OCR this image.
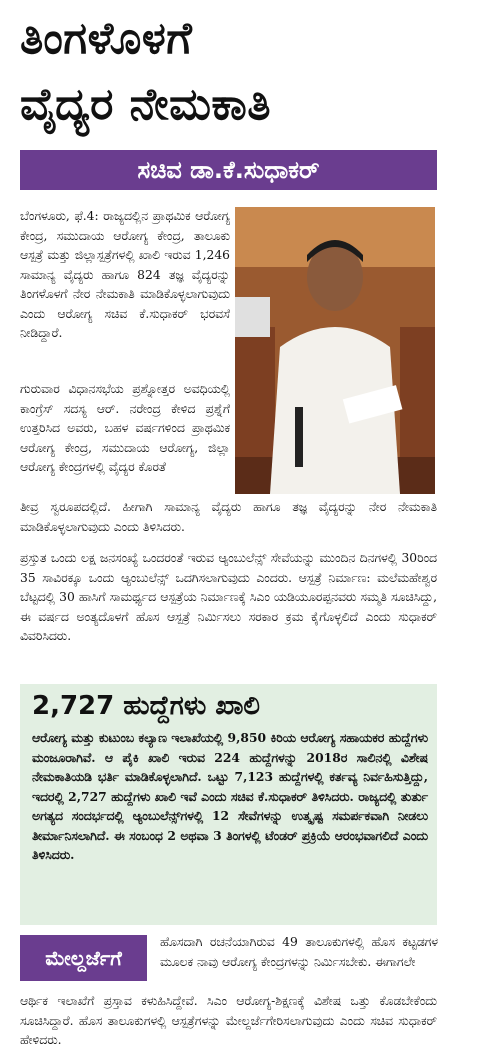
ತಿಂಗಳೊಳಗೆ
ವೈದ್ಯರ ನೇಮಕಾತಿ
ಸಚಿವ ಡಾ.ಕೆ.ಸುಧಾಕರ್
ಬೆಂಗಳೂರು, ಫೆ.4: ರಾಜ್ಯದಲ್ಲಿನ ಪ್ರಾಥಮಿಕ ಆರೋಗ್ಯ ಕೇಂದ್ರ, ಸಮುದಾಯ ಆರೋಗ್ಯ ಕೇಂದ್ರ, ತಾಲೂಕು ಆಸ್ಪತ್ರೆ ಮತ್ತು ಜಿಲ್ಲಾಸ್ಪತ್ರೆಗಳಲ್ಲಿ ಖಾಲಿ ಇರುವ 1,246 ಸಾಮಾನ್ಯ ವೈದ್ಯರು ಹಾಗೂ 824 ತಜ್ಞ ವೈದ್ಯರನ್ನು ತಿಂಗಳೊಳಗೆ ನೇರ ನೇಮಕಾತಿ ಮಾಡಿಕೊಳ್ಳಲಾಗುವುದು ಎಂದು ಆರೋಗ್ಯ ಸಚಿವ ಕೆ.ಸುಧಾಕರ್ ಭರವಸೆ ನೀಡಿದ್ದಾರೆ.
ಗುರುವಾರ ವಿಧಾನಸಭೆಯ ಪ್ರಶ್ನೋತ್ತರ ಅವಧಿಯಲ್ಲಿ ಕಾಂಗ್ರೆಸ್ ಸದಸ್ಯ ಆರ್. ನರೇಂದ್ರ ಕೇಳಿದ ಪ್ರಶ್ನೆಗೆ ಉತ್ತರಿಸಿದ ಅವರು, ಬಹಳ ವರ್ಷಗಳಿಂದ ಪ್ರಾಥಮಿಕ ಆರೋಗ್ಯ ಕೇಂದ್ರ, ಸಮುದಾಯ ಆರೋಗ್ಯ, ಜಿಲ್ಲಾ ಆರೋಗ್ಯ ಕೇಂದ್ರಗಳಲ್ಲಿ ವೈದ್ಯರ ಕೊರತೆ
ತೀವ್ರ ಸ್ವರೂಪದಲ್ಲಿದೆ. ಹೀಗಾಗಿ ಸಾಮಾನ್ಯ ವೈದ್ಯರು ಹಾಗೂ ತಜ್ಞ ವೈದ್ಯರನ್ನು ನೇರ ನೇಮಕಾತಿ ಮಾಡಿಕೊಳ್ಳಲಾಗುವುದು ಎಂದು ತಿಳಿಸಿದರು.
ಪ್ರಸ್ತುತ ಒಂದು ಲಕ್ಷ ಜನಸಂಖ್ಯೆ ಒಂದರಂತೆ ಇರುವ ಆ್ಯಂಬುಲೆನ್ಸ್ ಸೇವೆಯನ್ನು ಮುಂದಿನ ದಿನಗಳಲ್ಲಿ 30ರಿಂದ 35 ಸಾವಿರಕ್ಕೂ ಒಂದು ಆ್ಯಂಬುಲೆನ್ಸ್ ಒದಗಿಸಲಾಗುವುದು ಎಂದರು. ಆಸ್ಪತ್ರೆ ನಿರ್ಮಾಣ: ಮಲೆಮಹೇಶ್ವರ ಬೆಟ್ಟದಲ್ಲಿ 30 ಹಾಸಿಗೆ ಸಾಮರ್ಥ್ಯದ ಆಸ್ಪತ್ರೆಯ ನಿರ್ಮಾಣಕ್ಕೆ ಸಿಎಂ ಯಡಿಯೂರಪ್ಪನವರು ಸಮ್ಮತಿ ಸೂಚಿಸಿದ್ದು, ಈ ವರ್ಷದ ಅಂತ್ಯದೊಳಗೆ ಹೊಸ ಆಸ್ಪತ್ರೆ ನಿರ್ಮಿಸಲು ಸರಕಾರ ಕ್ರಮ ಕೈಗೊಳ್ಳಲಿದೆ ಎಂದು ಸುಧಾಕರ್ ವಿವರಿಸಿದರು.
2,727 ಹುದ್ದೆಗಳು ಖಾಲಿ
ಆರೋಗ್ಯ ಮತ್ತು ಕುಟುಂಬ ಕಲ್ಯಾಣ ಇಲಾಖೆಯಲ್ಲಿ 9,850 ಕಿರಿಯ ಆರೋಗ್ಯ ಸಹಾಯಕರ ಹುದ್ದೆಗಳು ಮಂಜೂರಾಗಿವೆ. ಆ ಪೈಕಿ ಖಾಲಿ ಇರುವ 224 ಹುದ್ದೆಗಳನ್ನು 2018ರ ಸಾಲಿನಲ್ಲಿ ವಿಶೇಷ ನೇಮಕಾತಿಯಡಿ ಭರ್ತಿ ಮಾಡಿಕೊಳ್ಳಲಾಗಿದೆ. ಒಟ್ಟು 7,123 ಹುದ್ದೆಗಳಲ್ಲಿ ಕರ್ತವ್ಯ ನಿರ್ವಹಿಸುತ್ತಿದ್ದು, ಇದರಲ್ಲಿ 2,727 ಹುದ್ದೆಗಳು ಖಾಲಿ ಇವೆ ಎಂದು ಸಚಿವ ಕೆ.ಸುಧಾಕರ್ ತಿಳಿಸಿದರು. ರಾಜ್ಯದಲ್ಲಿ ತುರ್ತು ಅಗತ್ಯದ ಸಂದರ್ಭದಲ್ಲಿ ಆ್ಯಂಬುಲೆನ್ಸ್‌ಗಳಲ್ಲಿ 12 ಸೇವೆಗಳನ್ನು ಉತ್ಕೃಷ್ಟ ಸಮರ್ಪಕವಾಗಿ ನೀಡಲು ತೀರ್ಮಾನಿಸಲಾಗಿದೆ. ಈ ಸಂಬಂಧ 2 ಅಥವಾ 3 ತಿಂಗಳಲ್ಲಿ ಟೆಂಡರ್ ಪ್ರಕ್ರಿಯೆ ಆರಂಭವಾಗಲಿದೆ ಎಂದು ತಿಳಿಸಿದರು.
ಮೇಲ್ದರ್ಜೆಗೆ
ಹೊಸದಾಗಿ ರಚನೆಯಾಗಿರುವ 49 ತಾಲೂಕುಗಳಲ್ಲಿ ಹೊಸ ಕಟ್ಟಡಗಳ ಮೂಲಕ ನಾವು ಆರೋಗ್ಯ ಕೇಂದ್ರಗಳನ್ನು ನಿರ್ಮಿಸಬೇಕು. ಈಗಾಗಲೇ
ಆರ್ಥಿಕ ಇಲಾಖೆಗೆ ಪ್ರಸ್ತಾವ ಕಳುಹಿಸಿದ್ದೇವೆ. ಸಿಎಂ ಆರೋಗ್ಯ-ಶಿಕ್ಷಣಕ್ಕೆ ವಿಶೇಷ ಒತ್ತು ಕೊಡಬೇಕೆಂದು ಸೂಚಿಸಿದ್ದಾರೆ. ಹೊಸ ತಾಲೂಕುಗಳಲ್ಲಿ ಆಸ್ಪತ್ರೆಗಳನ್ನು ಮೇಲ್ದರ್ಜೆಗೇರಿಸಲಾಗುವುದು ಎಂದು ಸಚಿವ ಸುಧಾಕರ್ ಹೇಳಿದರು.
